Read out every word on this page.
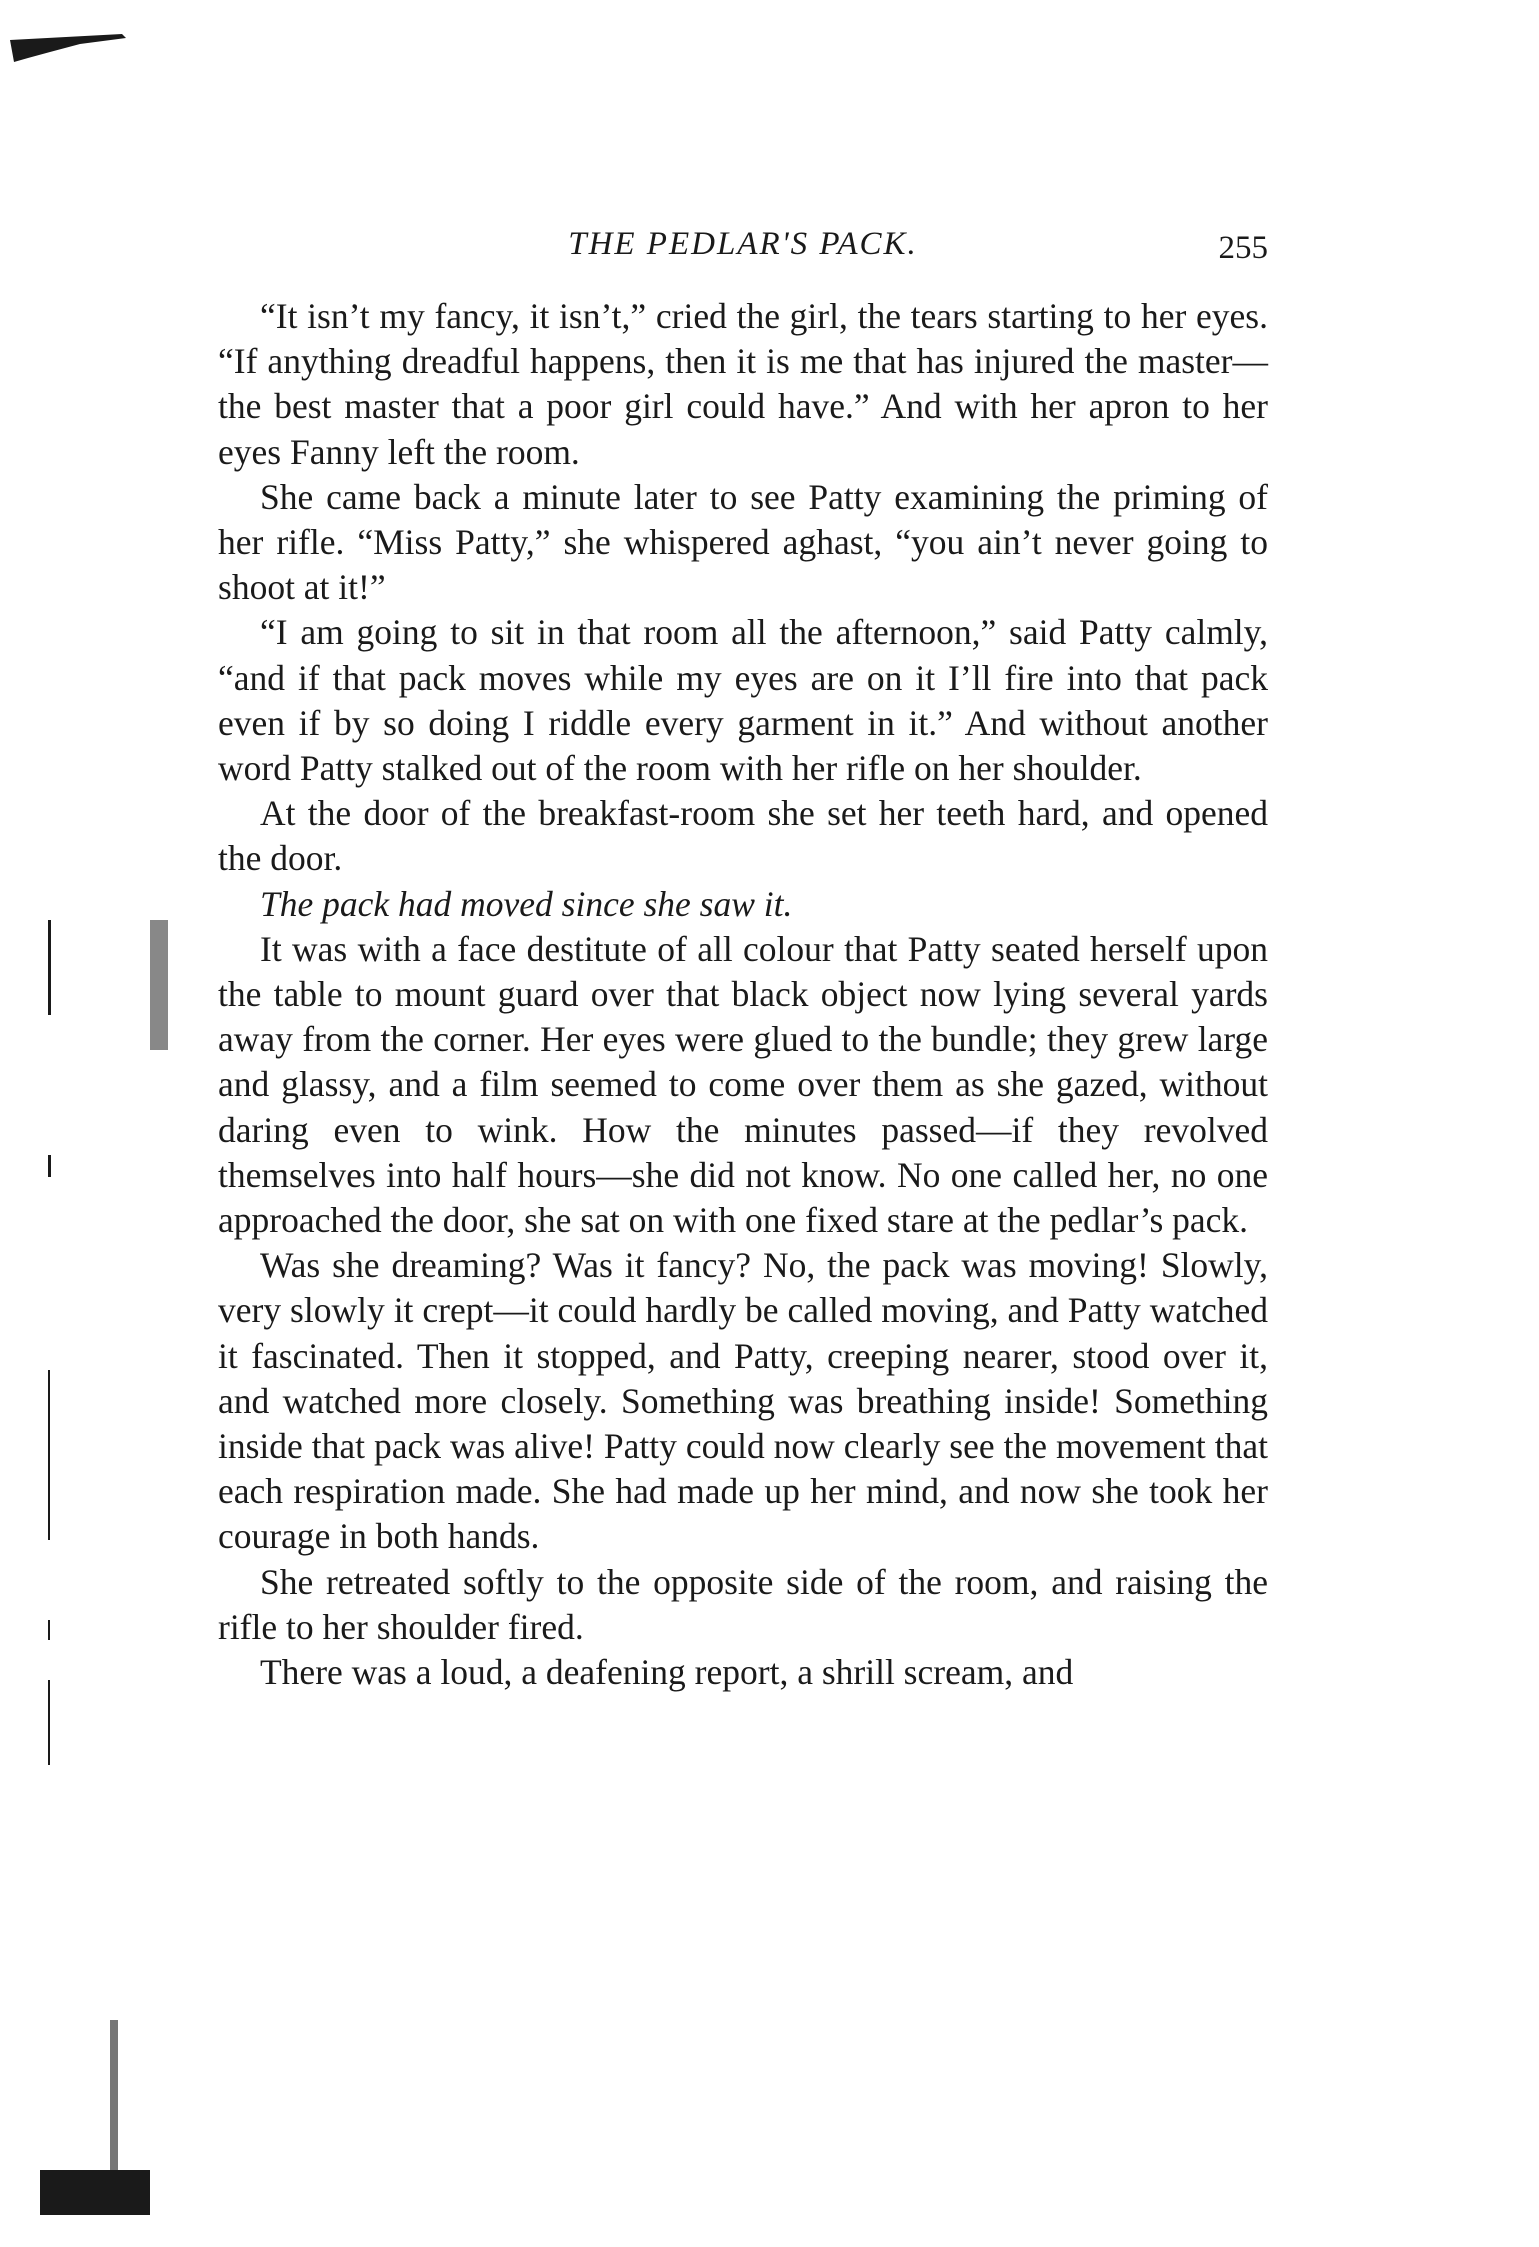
THE PEDLAR'S PACK.	255

“It isn’t my fancy, it isn’t,” cried the girl, the tears starting to her eyes. “If anything dreadful happens, then it is me that has injured the master—the best master that a poor girl could have.” And with her apron to her eyes Fanny left the room.

She came back a minute later to see Patty examining the priming of her rifle. “Miss Patty,” she whispered aghast, “you ain’t never going to shoot at it!”

“I am going to sit in that room all the afternoon,” said Patty calmly, “and if that pack moves while my eyes are on it I’ll fire into that pack even if by so doing I riddle every garment in it.” And without another word Patty stalked out of the room with her rifle on her shoulder.

At the door of the breakfast-room she set her teeth hard, and opened the door.

The pack had moved since she saw it.

It was with a face destitute of all colour that Patty seated herself upon the table to mount guard over that black object now lying several yards away from the corner. Her eyes were glued to the bundle; they grew large and glassy, and a film seemed to come over them as she gazed, without daring even to wink. How the minutes passed—if they revolved themselves into half hours—she did not know. No one called her, no one approached the door, she sat on with one fixed stare at the pedlar’s pack.

Was she dreaming? Was it fancy? No, the pack was moving! Slowly, very slowly it crept—it could hardly be called moving, and Patty watched it fascinated. Then it stopped, and Patty, creeping nearer, stood over it, and watched more closely. Something was breathing inside! Something inside that pack was alive! Patty could now clearly see the movement that each respiration made. She had made up her mind, and now she took her courage in both hands.

She retreated softly to the opposite side of the room, and raising the rifle to her shoulder fired.

There was a loud, a deafening report, a shrill scream, and
